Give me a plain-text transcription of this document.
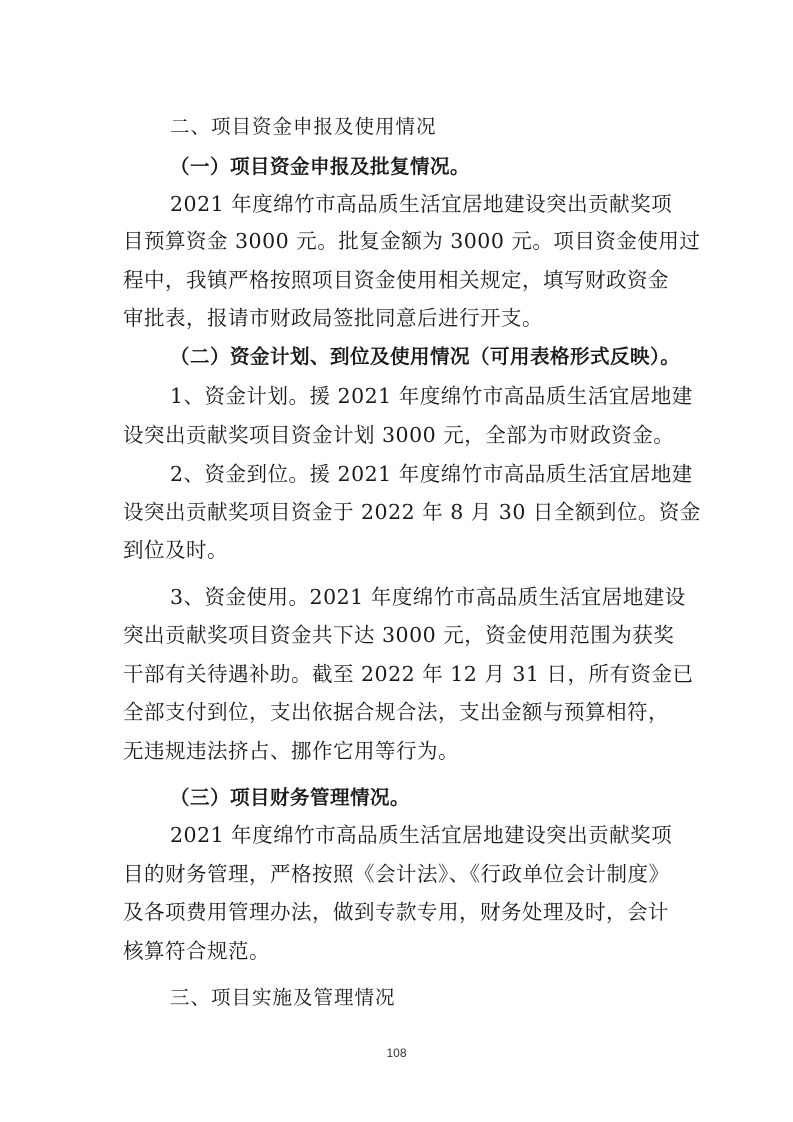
二、项目资金申报及使用情况
（一）项目资金申报及批复情况。
2021 年度绵竹市高品质生活宜居地建设突出贡献奖项
目预算资金 3000 元。批复金额为 3000 元。项目资金使用过
程中，我镇严格按照项目资金使用相关规定，填写财政资金
审批表，报请市财政局签批同意后进行开支。
（二）资金计划、到位及使用情况（可用表格形式反映）。
1、资金计划。援 2021 年度绵竹市高品质生活宜居地建
设突出贡献奖项目资金计划 3000 元，全部为市财政资金。
2、资金到位。援 2021 年度绵竹市高品质生活宜居地建
设突出贡献奖项目资金于 2022 年 8 月 30 日全额到位。资金
到位及时。
3、资金使用。2021 年度绵竹市高品质生活宜居地建设
突出贡献奖项目资金共下达 3000 元，资金使用范围为获奖
干部有关待遇补助。截至 2022 年 12 月 31 日，所有资金已
全部支付到位，支出依据合规合法，支出金额与预算相符，
无违规违法挤占、挪作它用等行为。
（三）项目财务管理情况。
2021 年度绵竹市高品质生活宜居地建设突出贡献奖项
目的财务管理，严格按照《会计法》、《行政单位会计制度》
及各项费用管理办法，做到专款专用，财务处理及时，会计
核算符合规范。
三、项目实施及管理情况
108
